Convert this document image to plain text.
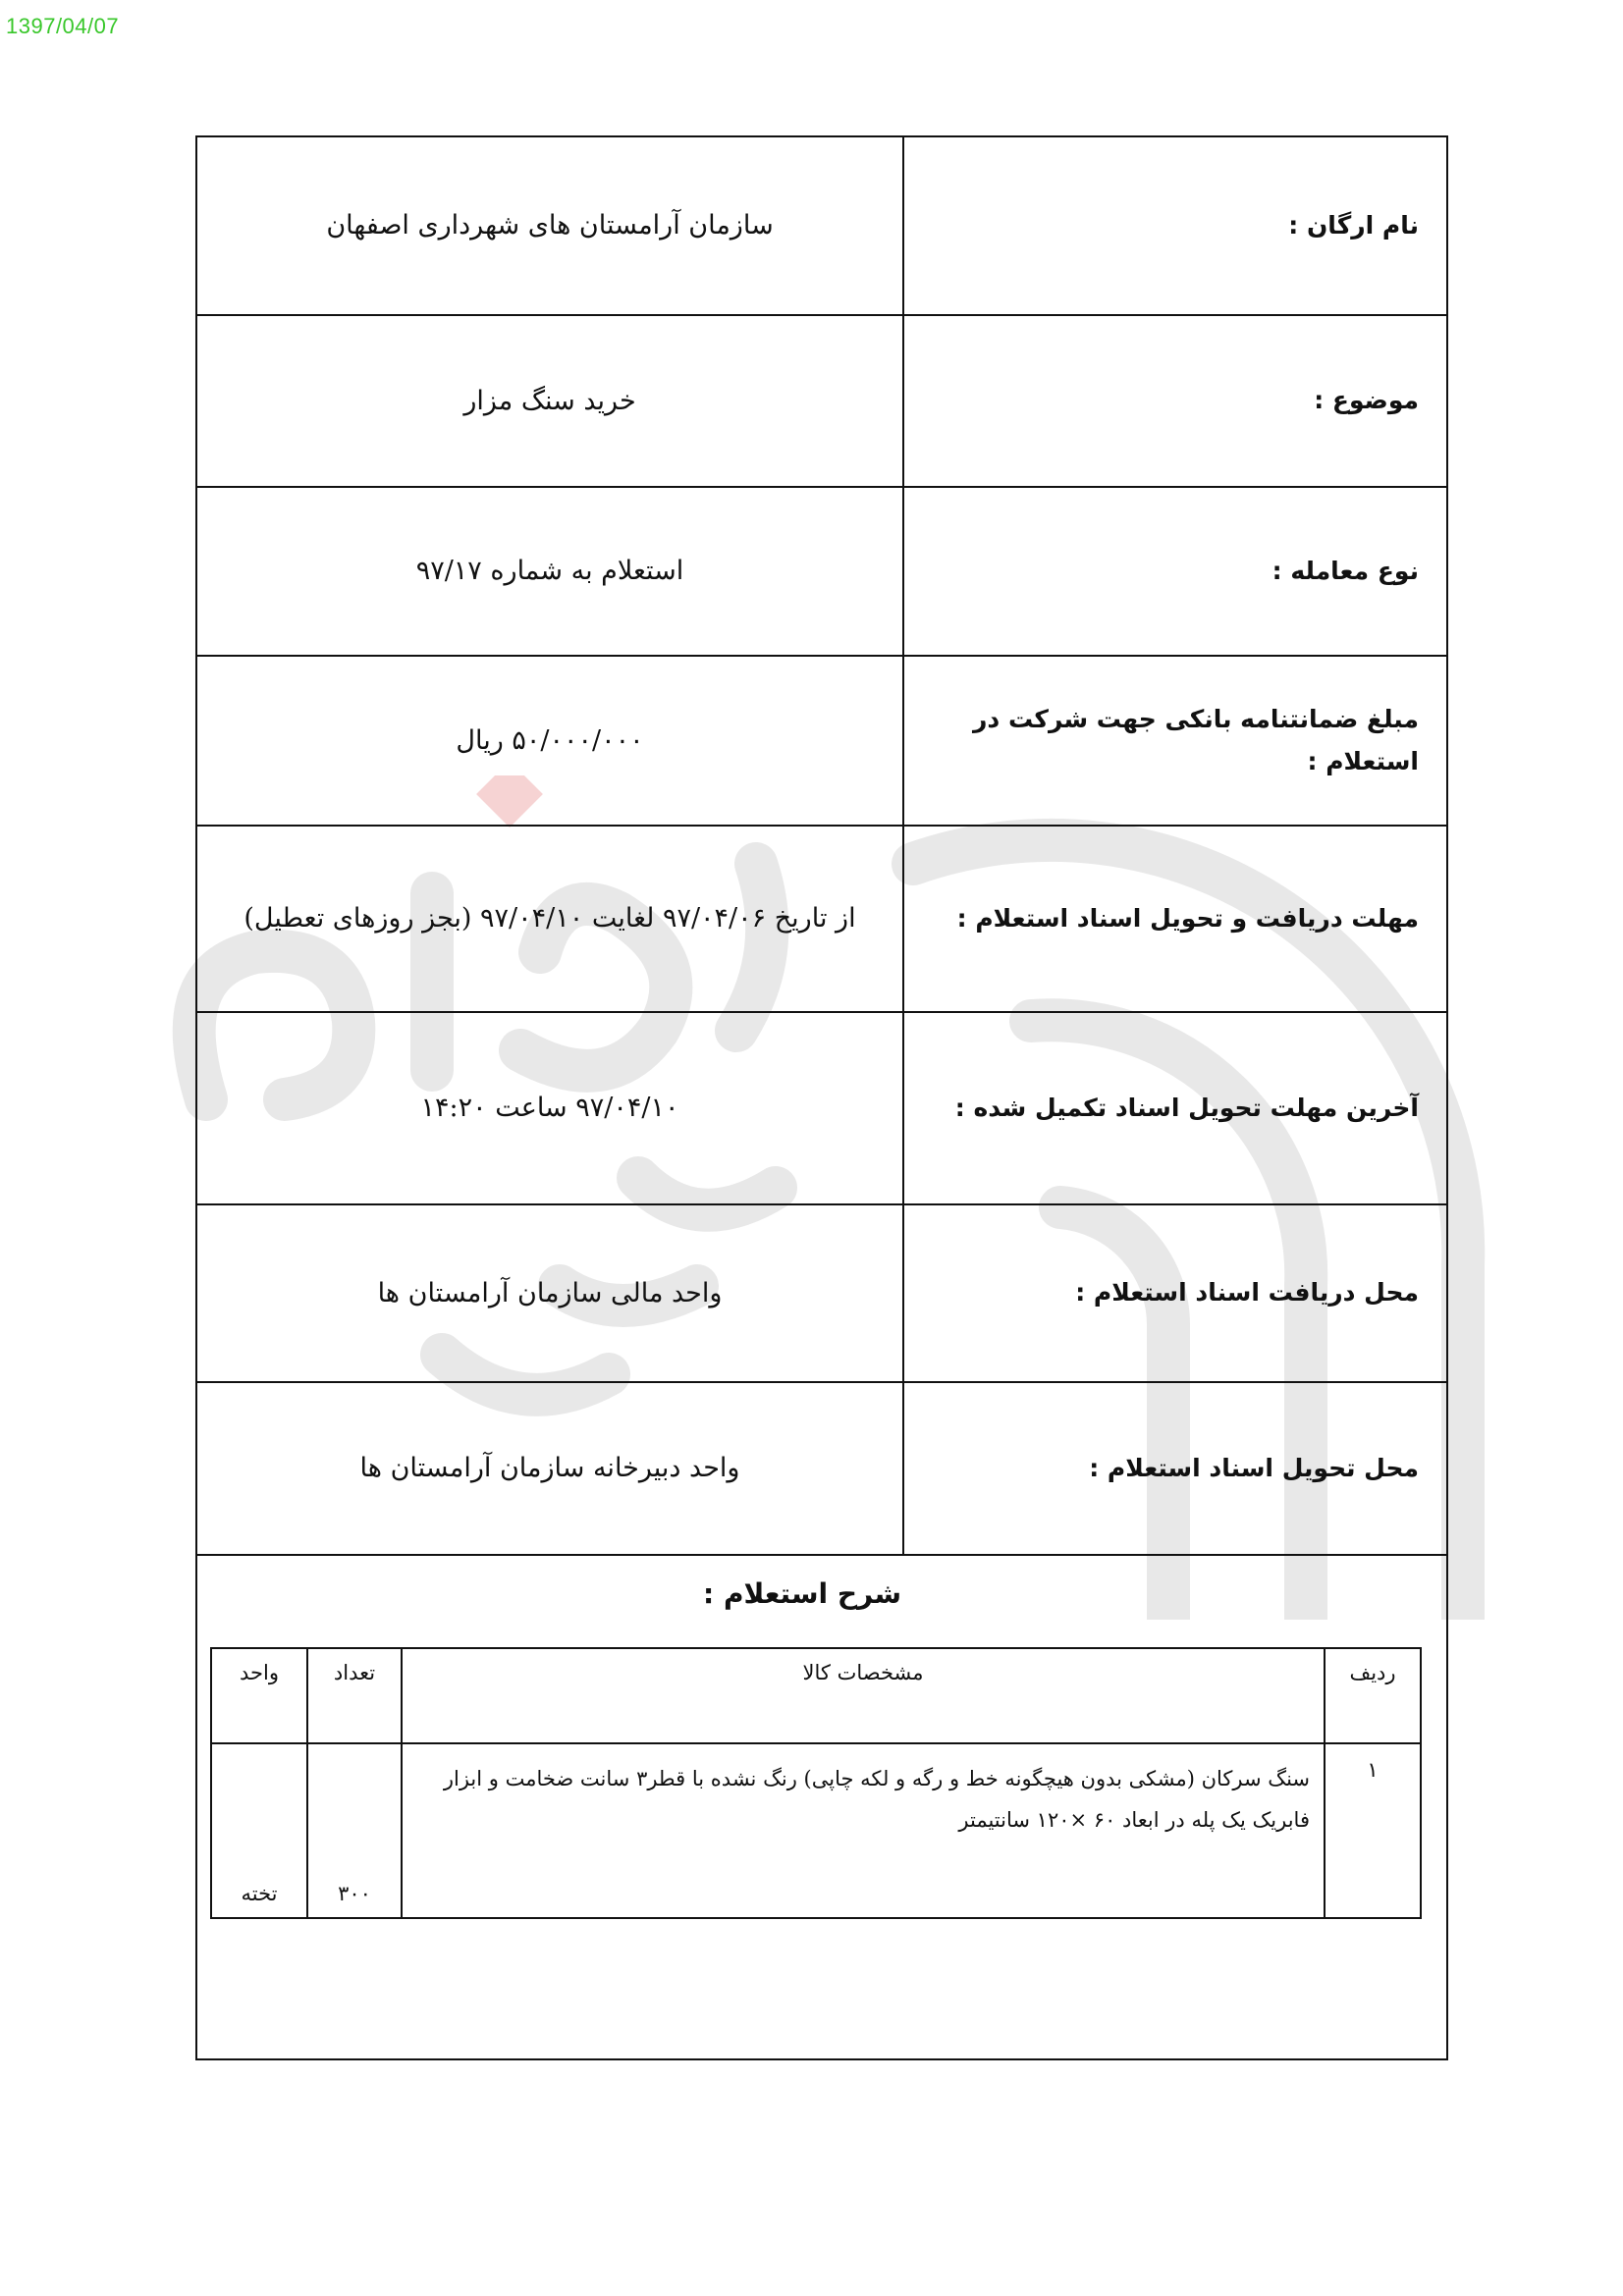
1397/04/07
نام ارگان :	سازمان آرامستان های شهرداری اصفهان
موضوع :	خرید سنگ مزار
نوع معامله :	استعلام به شماره ۹۷/۱۷
مبلغ ضمانتنامه بانکی جهت شرکت در استعلام :	۵۰/۰۰۰/۰۰۰ ریال
مهلت دریافت و تحویل اسناد استعلام :	از تاریخ ۹۷/۰۴/۰۶ لغایت ۹۷/۰۴/۱۰ (بجز روزهای تعطیل)
آخرین مهلت تحویل اسناد تکمیل شده :	۹۷/۰۴/۱۰ ساعت ۱۴:۲۰
محل دریافت اسناد استعلام :	واحد مالی سازمان آرامستان ها
محل تحویل اسناد استعلام :	واحد دبیرخانه سازمان آرامستان ها
شرح استعلام :
ردیف	مشخصات کالا	تعداد	واحد
۱	سنگ سرکان (مشکی بدون هیچگونه خط و رگه و لکه چاپی) رنگ نشده با قطر۳ سانت ضخامت و ابزار فابریک یک پله در ابعاد ۶۰ ×۱۲۰ سانتیمتر	۳۰۰	تخته
